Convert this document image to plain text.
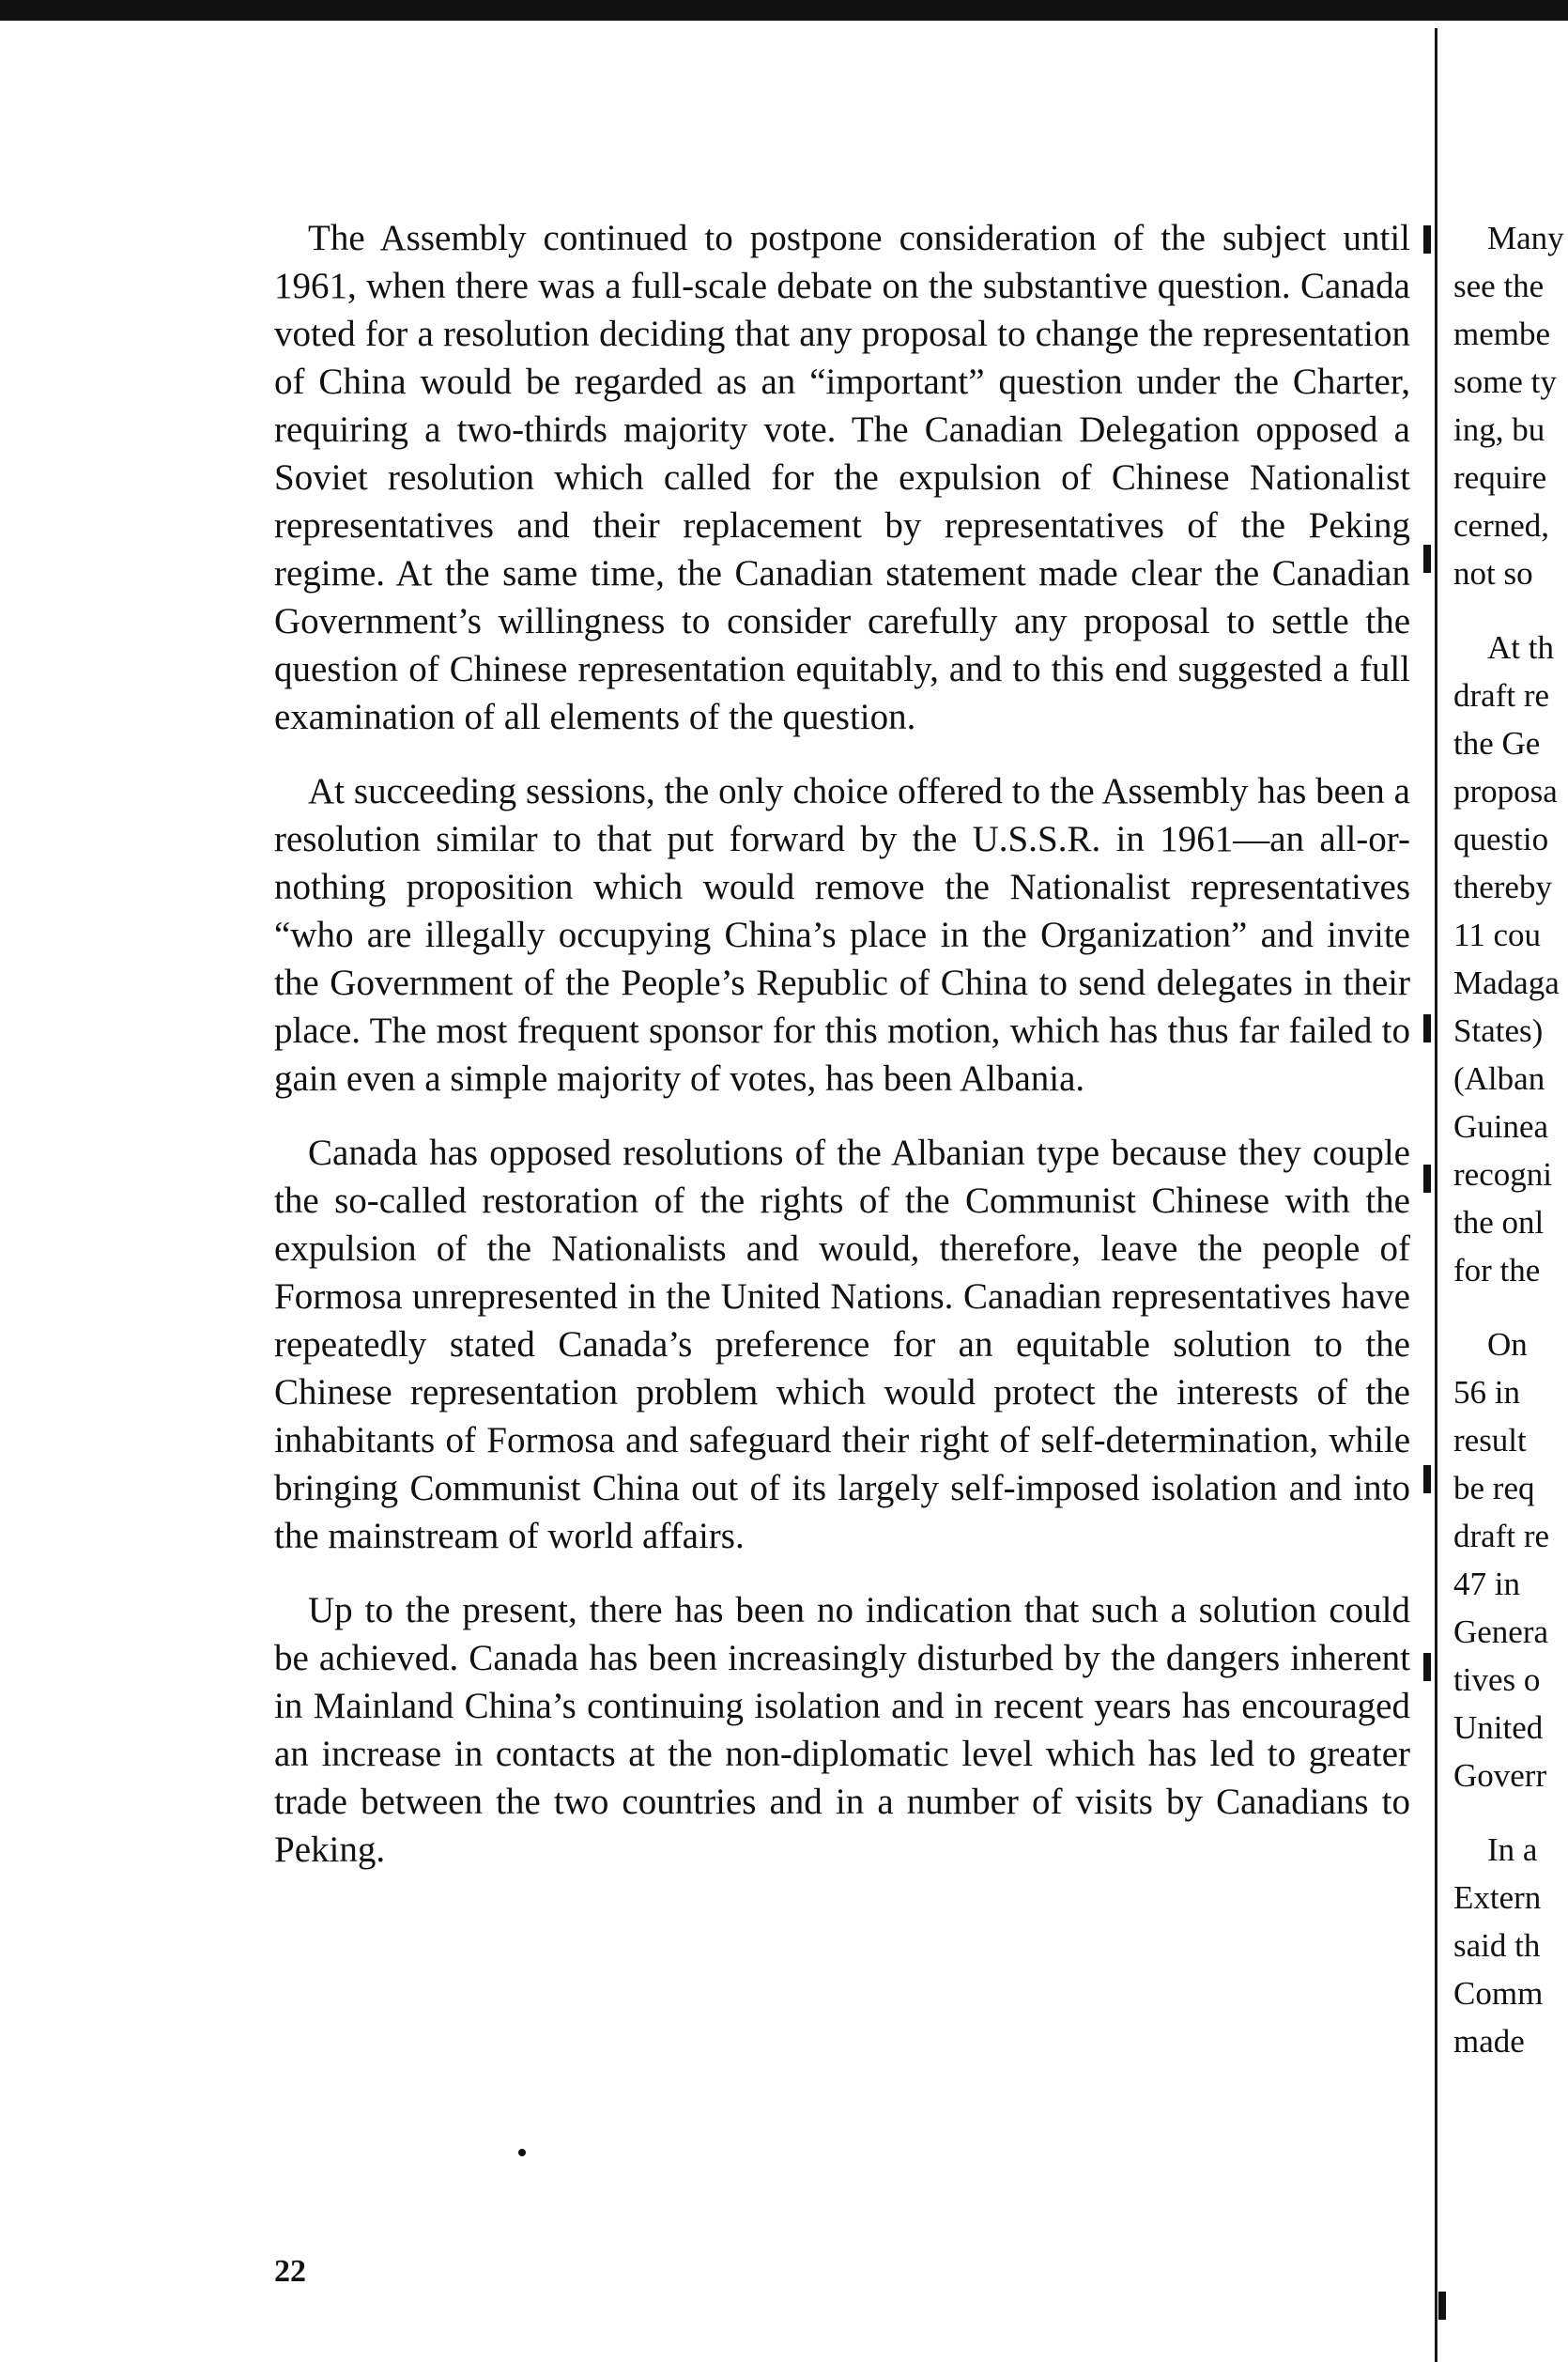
The Assembly continued to postpone consideration of the subject until 1961, when there was a full-scale debate on the substantive question. Canada voted for a resolution deciding that any proposal to change the representation of China would be regarded as an “important” question under the Charter, requiring a two-thirds majority vote. The Canadian Delegation opposed a Soviet resolution which called for the expulsion of Chinese Nationalist representatives and their replacement by representatives of the Peking regime. At the same time, the Canadian statement made clear the Canadian Government’s willingness to consider carefully any proposal to settle the question of Chinese representation equitably, and to this end suggested a full examination of all elements of the question.

At succeeding sessions, the only choice offered to the Assembly has been a resolution similar to that put forward by the U.S.S.R. in 1961—an all-or-nothing proposition which would remove the Nationalist representatives “who are illegally occupying China’s place in the Organization” and invite the Government of the People’s Republic of China to send delegates in their place. The most frequent sponsor for this motion, which has thus far failed to gain even a simple majority of votes, has been Albania.

Canada has opposed resolutions of the Albanian type because they couple the so-called restoration of the rights of the Communist Chinese with the expulsion of the Nationalists and would, therefore, leave the people of Formosa unrepresented in the United Nations. Canadian representatives have repeatedly stated Canada’s preference for an equitable solution to the Chinese representation problem which would protect the interests of the inhabitants of Formosa and safeguard their right of self-determination, while bringing Communist China out of its largely self-imposed isolation and into the mainstream of world affairs.

Up to the present, there has been no indication that such a solution could be achieved. Canada has been increasingly disturbed by the dangers inherent in Mainland China’s continuing isolation and in recent years has encouraged an increase in contacts at the non-diplomatic level which has led to greater trade between the two countries and in a number of visits by Canadians to Peking.

Many
see the
membe
some ty
ing, bu
require
cerned,
not so
At th
draft re
the Ge
proposa
questio
thereby
11 cou
Madaga
States)
(Alban
Guinea
recogni
the onl
for the
On
56 in
result
be req
draft re
47 in
Genera
tives o
United
Goverr
In a
Extern
said th
Comm
made
22
